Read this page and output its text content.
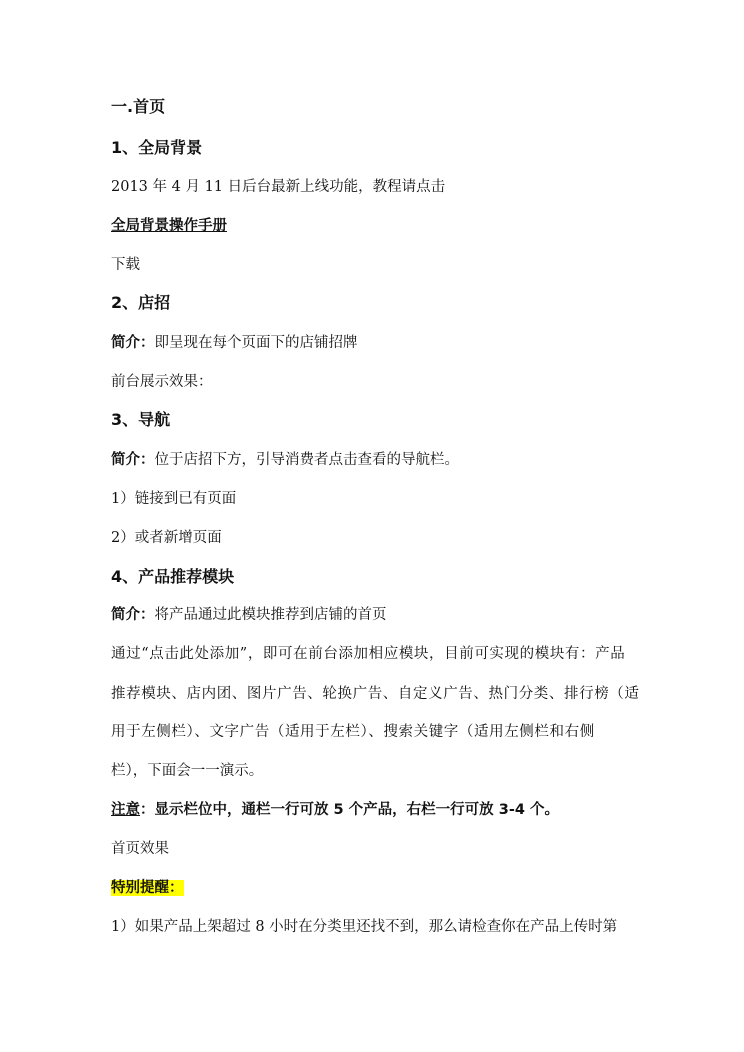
一.首页
1、全局背景
2013 年 4 月 11 日后台最新上线功能，教程请点击
全局背景操作手册
下载
2、店招
简介：即呈现在每个页面下的店铺招牌
前台展示效果：
3、导航
简介：位于店招下方，引导消费者点击查看的导航栏。
1）链接到已有页面
2）或者新增页面
4、产品推荐模块
简介：将产品通过此模块推荐到店铺的首页
通过“点击此处添加”，即可在前台添加相应模块，目前可实现的模块有：产品
推荐模块、店内团、图片广告、轮换广告、自定义广告、热门分类、排行榜（适
用于左侧栏）、文字广告（适用于左栏）、搜索关键字（适用左侧栏和右侧
栏），下面会一一演示。
注意：显示栏位中，通栏一行可放 5 个产品，右栏一行可放 3-4 个。
首页效果
特别提醒：
1）如果产品上架超过 8 小时在分类里还找不到，那么请检查你在产品上传时第
